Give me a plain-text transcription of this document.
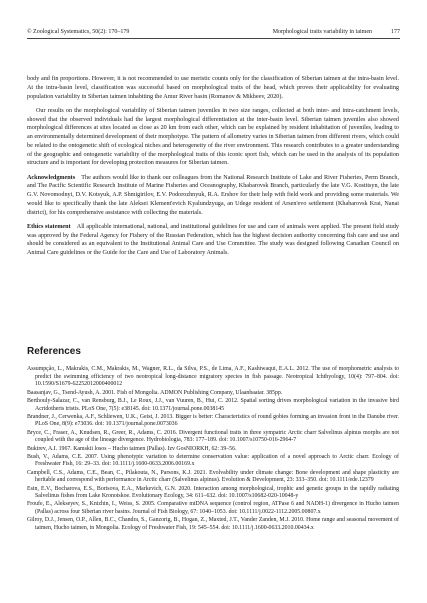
© Zoological Systematics, 50(2): 170–179	Morphological traits variability in taimen	177

body and fin proportions. However, it is not recommended to use meristic counts only for the classification of Siberian taimen at the intra-basin level. At the intra-basin level, classification was successful based on morphological traits of the head, which proves their applicability for evaluating population variability in Siberian taimen inhabiting the Amur River basin (Romanov & Mikheev, 2020).

Our results on the morphological variability of Siberian taimen juveniles in two size ranges, collected at both inter- and intra-catchment levels, showed that the observed individuals had the largest morphological differentiation at the inter-basin level. Siberian taimen juveniles also showed morphological differences at sites located as close as 20 km from each other, which can be explained by resident inhabitation of juveniles, leading to an environmentally determined development of their morphotype. The pattern of allometry varies in Siberian taimen from different rivers, which could be related to the ontogenetic shift of ecological niches and heterogeneity of the river environment. This research contributes to a greater understanding of the geographic and ontogenetic variability of the morphological traits of this iconic sport fish, which can be used in the analysis of its population structure and is important for developing protection measures for Siberian taimen.

Acknowledgments  The authors would like to thank our colleagues from the National Research Institute of Lake and River Fisheries, Perm Branch, and The Pacific Scientific Research Institute of Marine Fisheries and Oceanography, Khabarovsk Branch, particularly the late V.G. Kostitsyn, the late G.V. Novomodnyi, D.V. Kotsyuk, A.P. Shmigirilov, E.V. Podorozhnyuk, R.A. Ershov for their help with field work and providing some materials. We would like to specifically thank the late Aleksei Klement'evich Kyalundzyuga, an Udege resident of Arsen'evo settlement (Khabarovsk Krai, Nanai district), for his comprehensive assistance with collecting the materials.

Ethics statement  All applicable international, national, and institutional guidelines for use and care of animals were applied. The present field study was approved by the Federal Agency for Fishery of the Russian Federation, which has the highest decision authority concerning fish care and use and should be considered as an equivalent to the Institutional Animal Care and Use Committee. The study was designed following Canadian Council on Animal Care guidelines or the Guide for the Care and Use of Laboratory Animals.

References
Assumpção, L., Makrakis, C.M., Makrakis, M., Wagner, R.L., da Silva, P.S., de Lima, A.F., Kashiwaqui, E.A.L. 2012. The use of morphometric analysis to predict the swimming efficiency of two neotropical long-distance migratory species in fish passage. Neotropical Ichthyology, 10(4): 797–804. doi: 10.1590/S1679-62252012000400012
Baasanjav, G., Tsend-Ayush, A. 2001. Fish of Mongolia. ADMON Publishing Company, Ulaanbaatar. 385pp.
Berthouly-Salazar, C., van Rensburg, B.J., Le Roux, J.J., van Vuuren, B., Hui, C. 2012. Spatial sorting drives morphological variation in the invasive bird Acridotheris tristis. PLoS One, 7(5): e38145. doi: 10.1371/journal.pone.0038145
Brandner, J., Cerwenka, A.F., Schliewen, U.K., Geist, J. 2013. Bigger is better: Characteristics of round gobies forming an invasion front in the Danube river. PLoS One, 8(9): e73036. doi: 10.1371/journal.pone.0073036
Bryce, C., Fraser, A., Knudsen, R., Greer, R., Adams, C. 2016. Divergent functional traits in three sympatric Arctic charr Salvelinus alpinus morphs are not coupled with the age of the lineage divergence. Hydrobiologia, 783: 177–189. doi: 10.1007/s10750-016-2964-7
Bukirev, A.I. 1967. Kamskii losos – Hucho taimen (Pallas). Izv GosNIORKH, 62: 39–56.
Bush, V., Adams, C.E. 2007. Using phenotypic variation to determine conservation value: application of a novel approach to Arctic charr. Ecology of Freshwater Fish, 16: 29–33. doi: 10.1111/j.1600-0633.2006.00169.x
Campbell, C.S., Adams, C.E., Bean, C., Pilakouta, N., Parsons, K.J. 2021. Evolvability under climate change: Bone development and shape plasticity are heritable and correspond with performance in Arctic charr (Salvelinus alpinus). Evolution & Development, 23: 333–350. doi: 10.1111/ede.12379
Esin, E.V., Bocharova, E.S., Borisova, E.A., Markevich, G.N. 2020. Interaction among morphological, trophic and genetic groups in the rapidly radiating Salvelinus fishes from Lake Kronotskoe. Evolutionary Ecology, 34: 611–632. doi: 10.1007/s10682-020-10048-y
Froufe, E., Alekseyev, S., Knizhin, I., Weiss, S. 2005. Comparative mtDNA sequence (control region, ATPase 6 and NADH-1) divergence in Hucho taimen (Pallas) across four Siberian river basins. Journal of Fish Biology, 67: 1040–1053. doi: 10.1111/j.0022-1112.2005.00807.x
Gilroy, D.J., Jensen, O.P., Allen, B.C., Chandra, S., Ganzorig, B., Hogan, Z., Maxted, J.T., Vander Zanden, M.J. 2010. Home range and seasonal movement of taimen, Hucho taimen, in Mongolia. Ecology of Freshwater Fish, 19: 545–554. doi: 10.1111/j.1600-0633.2010.00434.x
